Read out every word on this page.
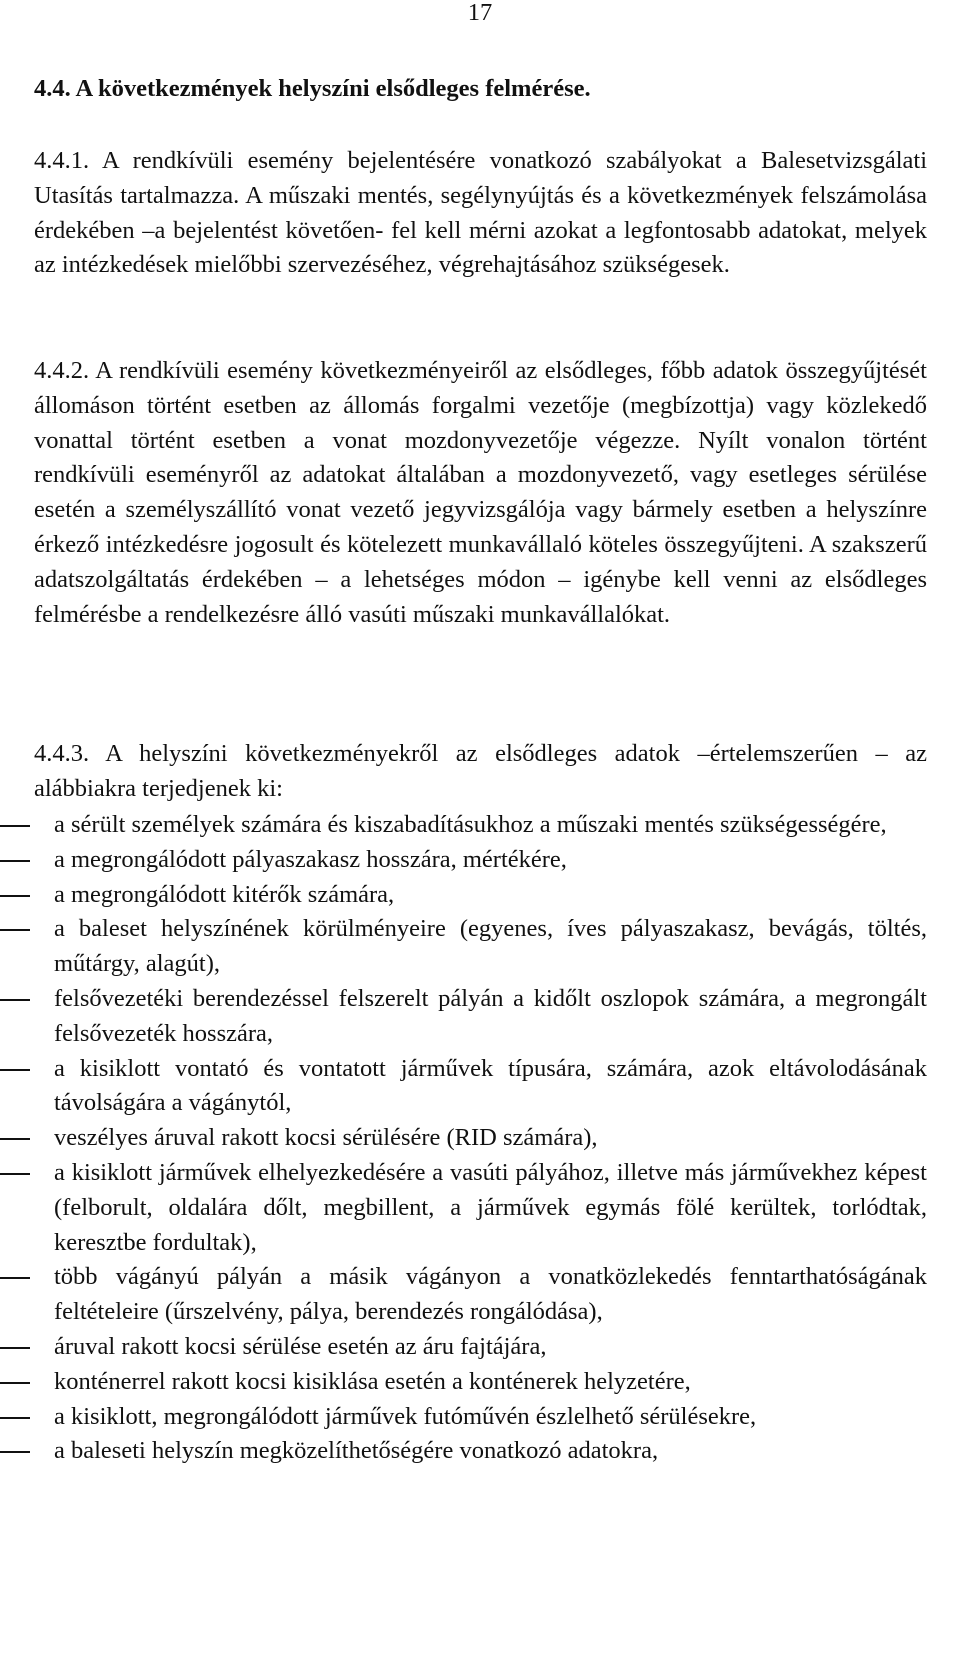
17
4.4. A következmények helyszíni elsődleges felmérése.
4.4.1. A rendkívüli esemény bejelentésére vonatkozó szabályokat a Balesetvizsgálati Utasítás tartalmazza. A műszaki mentés, segélynyújtás és a következmények felszámolása érdekében –a bejelentést követően- fel kell mérni azokat a legfontosabb adatokat, melyek az intézkedések mielőbbi szervezéséhez, végrehajtásához szükségesek.
4.4.2. A rendkívüli esemény következményeiről az elsődleges, főbb adatok összegyűjtését állomáson történt esetben az állomás forgalmi vezetője (megbízottja) vagy közlekedő vonattal történt esetben a vonat mozdonyvezetője végezze. Nyílt vonalon történt rendkívüli eseményről az adatokat általában a mozdonyvezető, vagy esetleges sérülése esetén a személyszállító vonat vezető jegyvizsgálója vagy bármely esetben a helyszínre érkező intézkedésre jogosult és kötelezett munkavállaló köteles összegyűjteni. A szakszerű adatszolgáltatás érdekében – a lehetséges módon – igénybe kell venni az elsődleges felmérésbe a rendelkezésre álló vasúti műszaki munkavállalókat.
4.4.3. A helyszíni következményekről az elsődleges adatok –értelemszerűen – az alábbiakra terjedjenek ki:
a sérült személyek számára és kiszabadításukhoz a műszaki mentés szükségességére,
a megrongálódott pályaszakasz hosszára, mértékére,
a megrongálódott kitérők számára,
a baleset helyszínének körülményeire (egyenes, íves pályaszakasz, bevágás, töltés, műtárgy, alagút),
felsővezetéki berendezéssel felszerelt pályán a kidőlt oszlopok számára, a megrongált felsővezeték hosszára,
a kisiklott vontató és vontatott járművek típusára, számára, azok eltávolodásának távolságára a vágánytól,
veszélyes áruval rakott kocsi sérülésére (RID számára),
a kisiklott járművek elhelyezkedésére a vasúti pályához, illetve más járművekhez képest (felborult, oldalára dőlt, megbillent, a járművek egymás fölé kerültek, torlódtak, keresztbe fordultak),
több vágányú pályán a másik vágányon a vonatközlekedés fenntarthatóságának feltételeire (űrszelvény, pálya, berendezés rongálódása),
áruval rakott kocsi sérülése esetén az áru fajtájára,
konténerrel rakott kocsi kisiklása esetén a konténerek helyzetére,
a kisiklott, megrongálódott járművek futóművén észlelhető sérülésekre,
a baleseti helyszín megközelíthetőségére vonatkozó adatokra,
